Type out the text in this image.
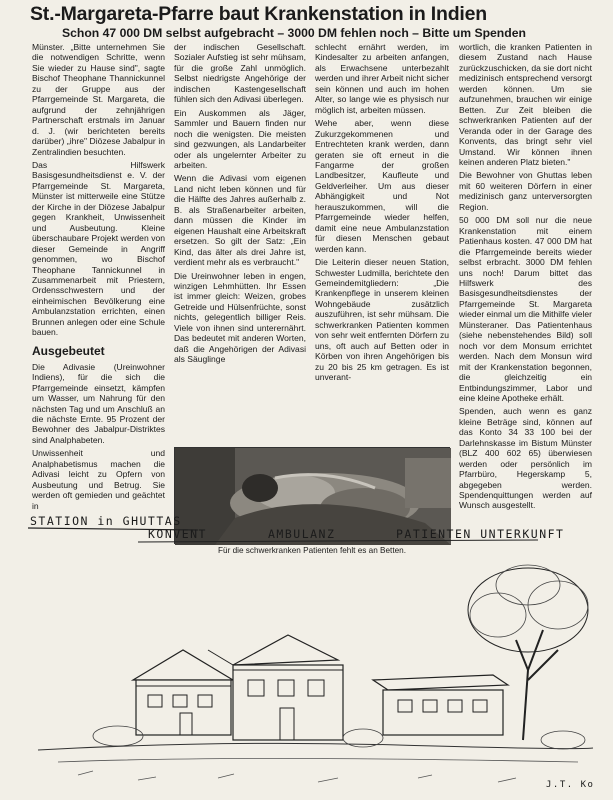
St.-Margareta-Pfarre baut Krankenstation in Indien
Schon 47 000 DM selbst aufgebracht – 3000 DM fehlen noch – Bitte um Spenden

Münster. „Bitte unternehmen Sie die notwendigen Schritte, wenn Sie wieder zu Hause sind", sagte Bischof Theophane Thannickunnel zu der Gruppe aus der Pfarrgemeinde St. Margareta, die aufgrund der zehnjährigen Partnerschaft erstmals im Januar d. J. (wir berichteten bereits darüber) „ihre" Diözese Jabalpur in Zentralindien besuchten.

Das Hilfswerk Basisgesundheitsdienst e. V. der Pfarrgemeinde St. Margareta, Münster ist mitterweile eine Stütze der Kirche in der Diözese Jabalpur gegen Krankheit, Unwissenheit und Ausbeutung. Kleine überschaubare Projekt werden von dieser Gemeinde in Angriff genommen, wo Bischof Theophane Tannickunnel in Zusammenarbeit mit Priestern, Ordensschwestern und der einheimischen Bevölkerung eine Ambulanzstation errichten, einen Brunnen anlegen oder eine Schule bauen.

Ausgebeutet

Die Adivasie (Ureinwohner Indiens), für die sich die Pfarrgemeinde einsetzt, kämpfen um Wasser, um Nahrung für den nächsten Tag und um Anschluß an die nächste Ernte. 95 Prozent der Bewohner des Jabalpur-Distriktes sind Analphabeten.

Unwissenheit und Analphabetismus machen die Adivasi leicht zu Opfern von Ausbeutung und Betrug. Sie werden oft gemieden und geächtet in

der indischen Gesellschaft. Sozialer Aufstieg ist sehr mühsam, für die große Zahl unmöglich. Selbst niedrigste Angehörige der indischen Kastengesellschaft fühlen sich den Adivasi überlegen.

Ein Auskommen als Jäger, Sammler und Bauern finden nur noch die wenigsten. Die meisten sind gezwungen, als Landarbeiter oder als ungelernter Arbeiter zu arbeiten.

Wenn die Adivasi vom eigenen Land nicht leben können und für die Hälfte des Jahres außerhalb z. B. als Straßenarbeiter arbeiten, dann müssen die Kinder im eigenen Haushalt eine Arbeitskraft ersetzen. So gilt der Satz: „Ein Kind, das älter als drei Jahre ist, verdient mehr als es verbraucht."

Die Ureinwohner leben in engen, winzigen Lehmhütten. Ihr Essen ist immer gleich: Weizen, grobes Getreide und Hülsenfrüchte, sonst nichts, gelegentlich billiger Reis. Viele von ihnen sind unterernährt. Das bedeutet mit anderen Worten, daß die Angehörigen der Adivasi als Säuglinge

schlecht ernährt werden, im Kindesalter zu arbeiten anfangen, als Erwachsene unterbezahlt werden und ihrer Arbeit nicht sicher sein können und auch im hohen Alter, so lange wie es physisch nur möglich ist, arbeiten müssen.

Wehe aber, wenn diese Zukurzgekommenen und Entrechteten krank werden, dann geraten sie oft erneut in die Fangarme der großen Landbesitzer, Kaufleute und Geldverleiher. Um aus dieser Abhängigkeit und Not herauszukommen, will die Pfarrgemeinde wieder helfen, damit eine neue Ambulanzstation für diesen Menschen gebaut werden kann.

Die Leiterin dieser neuen Station, Schwester Ludmilla, berichtete den Gemeindemitgliedern: „Die Krankenpflege in unserem kleinen Wohngebäude zusätzlich auszuführen, ist sehr mühsam. Die schwerkranken Patienten kommen von sehr weit entfernten Dörfern zu uns, oft auch auf Betten oder in Körben von ihren Angehörigen bis zu 20 bis 25 km getragen. Es ist unverant-

wortlich, die kranken Patienten in diesem Zustand nach Hause zurückzuschicken, da sie dort nicht medizinisch entsprechend versorgt werden können. Um sie aufzunehmen, brauchen wir einige Betten. Zur Zeit bleiben die schwerkranken Patienten auf der Veranda oder in der Garage des Konvents, das bringt sehr viel Umstand. Wir können ihnen keinen anderen Platz bieten."

Die Bewohner von Ghuttas leben mit 60 weiteren Dörfern in einer medizinisch ganz unterversorgten Region.

50 000 DM soll nur die neue Krankenstation mit einem Patienhaus kosten. 47 000 DM hat die Pfarrgemeinde bereits wieder selbst erbracht. 3000 DM fehlen uns noch! Darum bittet das Hilfswerk des Basisgesundheitsdienstes der Pfarrgemeinde St. Margareta wieder einmal um die Mithilfe vieler Münsteraner. Das Patientenhaus (siehe nebenstehendes Bild) soll noch vor dem Monsum errichtet werden. Nach dem Monsun wird mit der Krankenstation begonnen, die gleichzeitig ein Entbindungszimmer, Labor und eine kleine Apotheke erhält.

Spenden, auch wenn es ganz kleine Beträge sind, können auf das Konto 34 33 100 bei der Darlehnskasse im Bistum Münster (BLZ 400 602 65) überwiesen werden oder persönlich im Pfarrbüro, Hegerskamp 5, abgegeben werden. Spendenquittungen werden auf Wunsch ausgestellt.

Für die schwerkranken Patienten fehlt es an Betten.
STATION in GHUTTAS
KONVENT	AMBULANZ	PATIENTEN UNTERKUNFT
J.T. Ko
